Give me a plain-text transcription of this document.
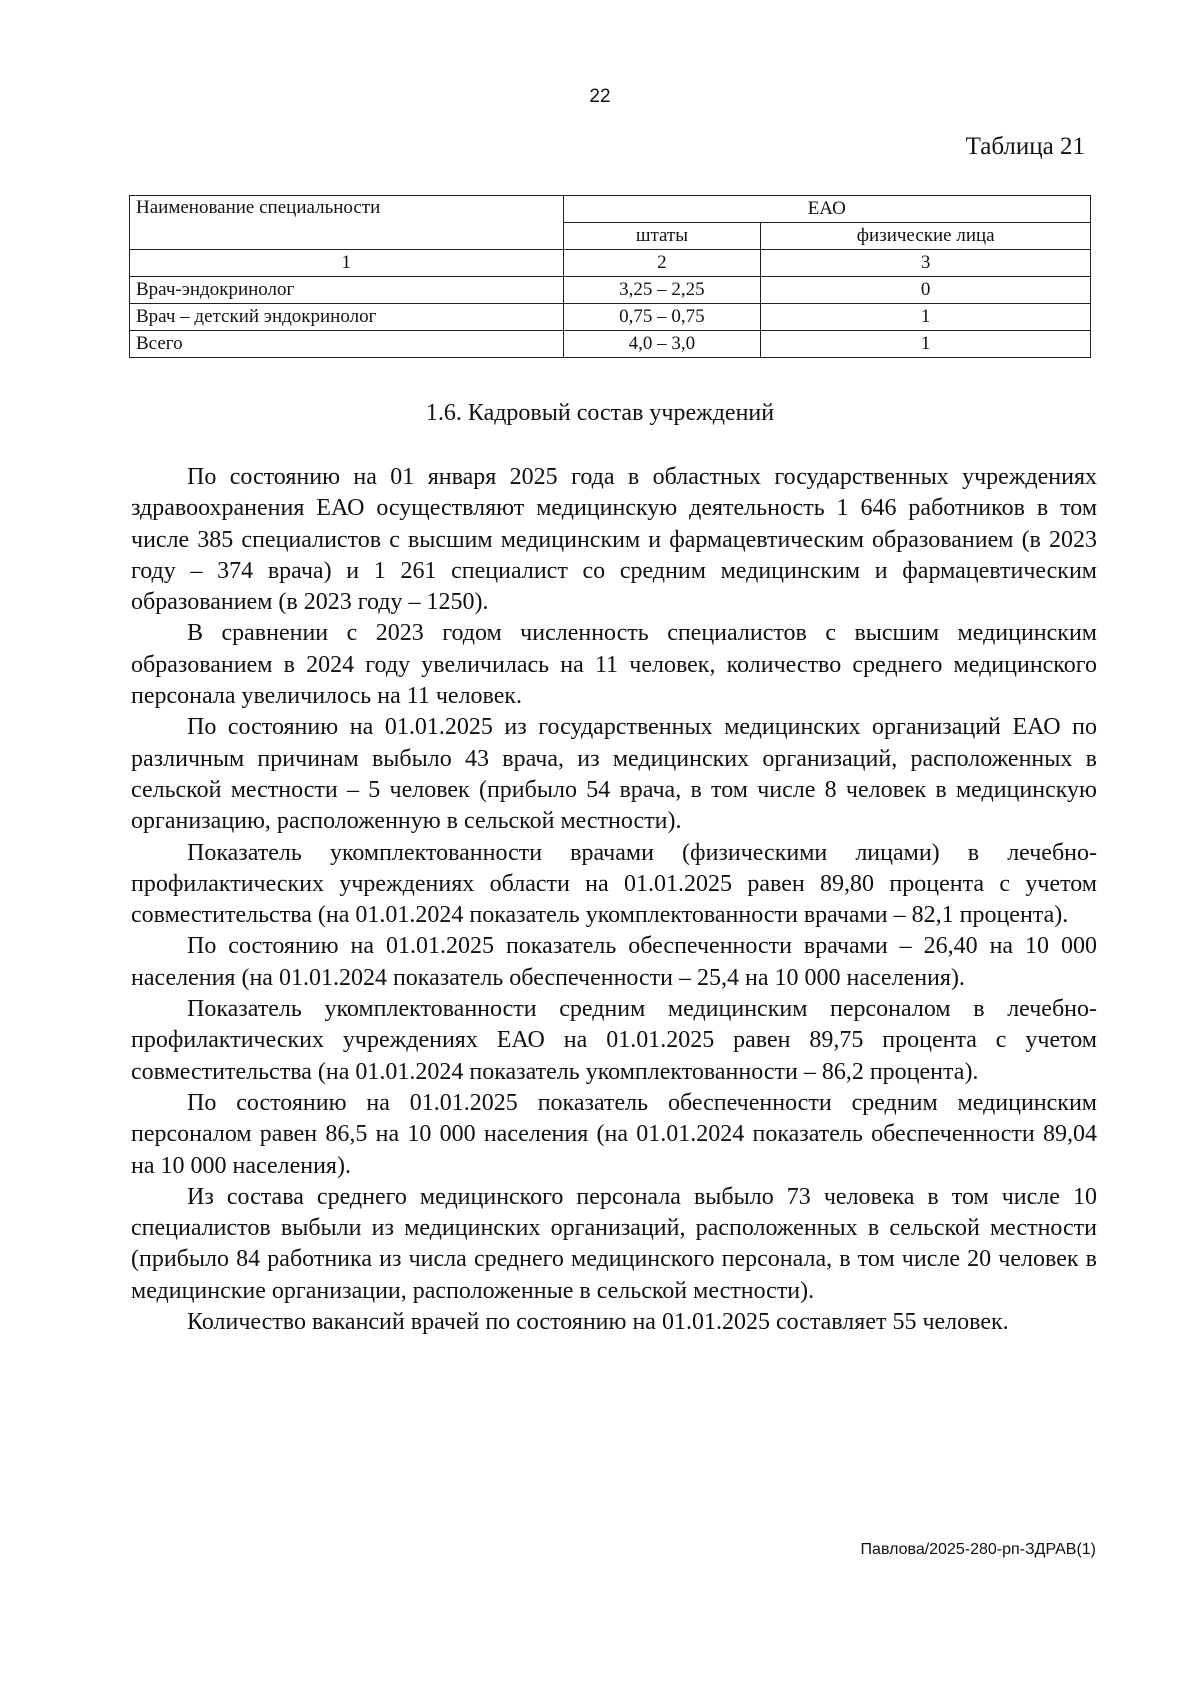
22
Таблица 21
Наименование специальности	ЕАО	
	штаты	физические лица
1	2	3
Врач-эндокринолог	3,25 – 2,25	0
Врач – детский эндокринолог	0,75 – 0,75	1
Всего	4,0 – 3,0	1
1.6. Кадровый состав учреждений

По состоянию на 01 января 2025 года в областных государственных учреждениях здравоохранения ЕАО осуществляют медицинскую деятельность 1 646 работников в том числе 385 специалистов с высшим медицинским и фармацевтическим образованием (в 2023 году – 374 врача) и 1 261 специалист со средним медицинским и фармацевтическим образованием (в 2023 году – 1250).

В сравнении с 2023 годом численность специалистов с высшим медицинским образованием в 2024 году увеличилась на 11 человек, количество среднего медицинского персонала увеличилось на 11 человек.

По состоянию на 01.01.2025 из государственных медицинских организаций ЕАО по различным причинам выбыло 43 врача, из медицинских организаций, расположенных в сельской местности – 5 человек (прибыло 54 врача, в том числе 8 человек в медицинскую организацию, расположенную в сельской местности).

Показатель укомплектованности врачами (физическими лицами) в лечебно-профилактических учреждениях области на 01.01.2025 равен 89,80 процента с учетом совместительства (на 01.01.2024 показатель укомплектованности врачами – 82,1 процента).

По состоянию на 01.01.2025 показатель обеспеченности врачами – 26,40 на 10 000 населения (на 01.01.2024 показатель обеспеченности – 25,4 на 10 000 населения).

Показатель укомплектованности средним медицинским персоналом в лечебно-профилактических учреждениях ЕАО на 01.01.2025 равен 89,75 процента с учетом совместительства (на 01.01.2024 показатель укомплектованности – 86,2 процента).

По состоянию на 01.01.2025 показатель обеспеченности средним медицинским персоналом равен 86,5 на 10 000 населения (на 01.01.2024 показатель обеспеченности 89,04 на 10 000 населения).

Из состава среднего медицинского персонала выбыло 73 человека в том числе 10 специалистов выбыли из медицинских организаций, расположенных в сельской местности (прибыло 84 работника из числа среднего медицинского персонала, в том числе 20 человек в медицинские организации, расположенные в сельской местности).

Количество вакансий врачей по состоянию на 01.01.2025 составляет 55 человек.

Павлова/2025-280-рп-ЗДРАВ(1)
